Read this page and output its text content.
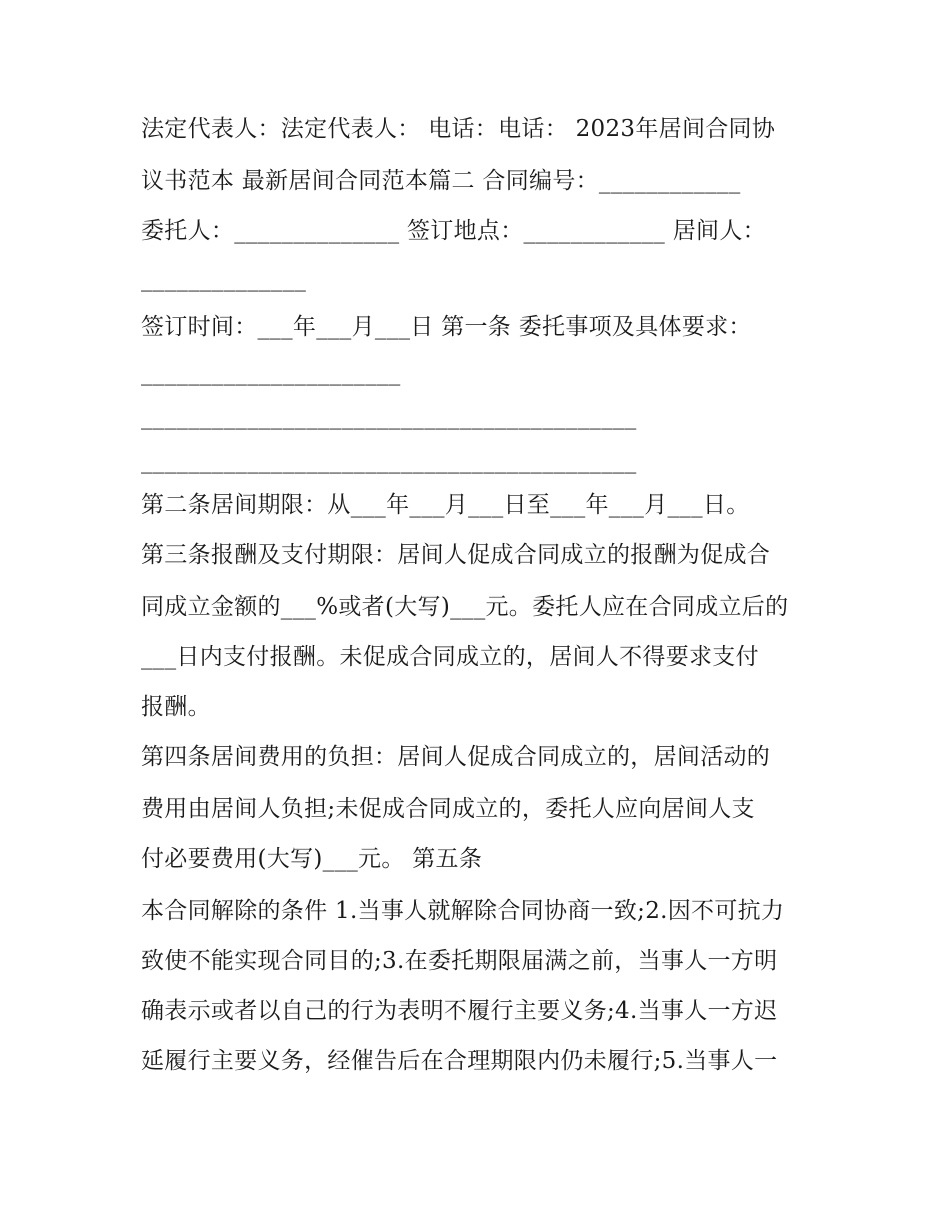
法定代表人：法定代表人： 电话：电话： 2023年居间合同协
议书范本 最新居间合同范本篇二 合同编号：____________
委托人：______________ 签订地点：____________ 居间人：
______________
签订时间：___年___月___日 第一条 委托事项及具体要求：
______________________
__________________________________________
__________________________________________
第二条居间期限：从___年___月___日至___年___月___日。
第三条报酬及支付期限：居间人促成合同成立的报酬为促成合
同成立金额的___%或者(大写)___元。委托人应在合同成立后的
___日内支付报酬。未促成合同成立的，居间人不得要求支付
报酬。
第四条居间费用的负担：居间人促成合同成立的，居间活动的
费用由居间人负担;未促成合同成立的，委托人应向居间人支
付必要费用(大写)___元。 第五条
本合同解除的条件 1.当事人就解除合同协商一致;2.因不可抗力
致使不能实现合同目的;3.在委托期限届满之前，当事人一方明
确表示或者以自己的行为表明不履行主要义务;4.当事人一方迟
延履行主要义务，经催告后在合理期限内仍未履行;5.当事人一
